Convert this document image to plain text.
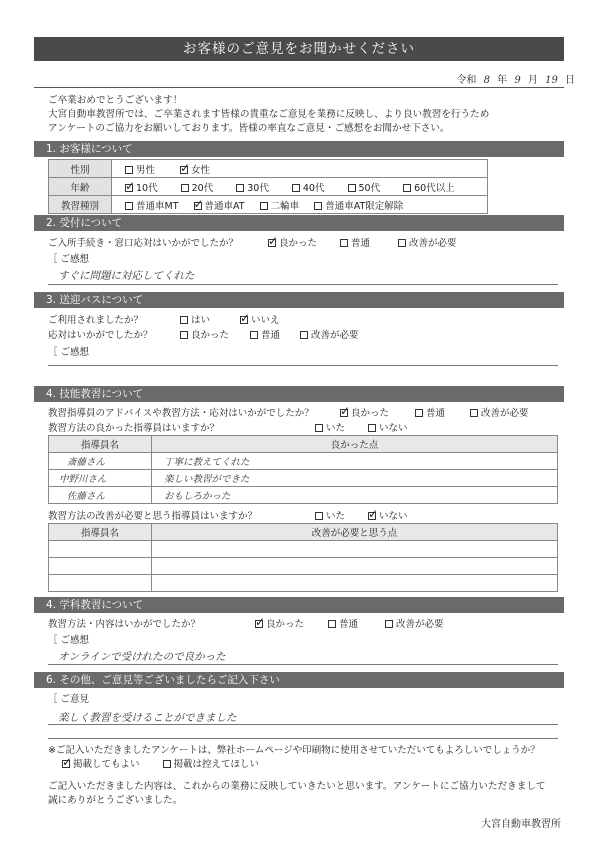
お客様のご意見をお聞かせください
令和 8 年 9 月 19 日
ご卒業おめでとうございます！
大宮自動車教習所では、ご卒業されます皆様の貴重なご意見を業務に反映し、より良い教習を行うため
アンケートのご協力をお願いしております。皆様の率直なご意見・ご感想をお聞かせ下さい。
1. お客様について
性別	男性 ✓ 女性
年齢	✓10代 20代 30代 40代 50代 60代以上
教習種別	普通車MT ✓ 普通車AT 二輪車 普通車AT限定解除
2. 受付について
ご入所手続き・窓口応対はいかがでしたか？ ✓	良かった	普通	改善が必要
［ ご感想
すぐに問題に対応してくれた
3. 送迎バスについて
ご利用されましたか？	はい ✓	いいえ
応対はいかがでしたか？	良かった	普通	改善が必要
［ ご感想
4. 技能教習について
教習指導員のアドバイスや教習方法・応対はいかがでしたか？ ✓	良かった	普通	改善が必要
教習方法の良かった指導員はいますか？	いた	いない
指導員名	良かった点
斎藤さん	丁寧に教えてくれた
中野川さん	楽しい教習ができた
佐藤さん	おもしろかった
教習方法の改善が必要と思う指導員はいますか？	いた ✓	いない
指導員名	改善が必要と思う点

4. 学科教習について
教習方法・内容はいかがでしたか？ ✓	良かった	普通	改善が必要
［ ご感想
オンラインで受けれたので良かった
6. その他、ご意見等ございましたらご記入下さい
［ ご意見
楽しく教習を受けることができました
※ご記入いただきましたアンケートは、弊社ホームページや印刷物に使用させていただいてもよろしいでしょうか？
✓掲載してもよい	掲載は控えてほしい
ご記入いただきました内容は、これからの業務に反映していきたいと思います。アンケートにご協力いただきまして
誠にありがとうございました。
大宮自動車教習所
